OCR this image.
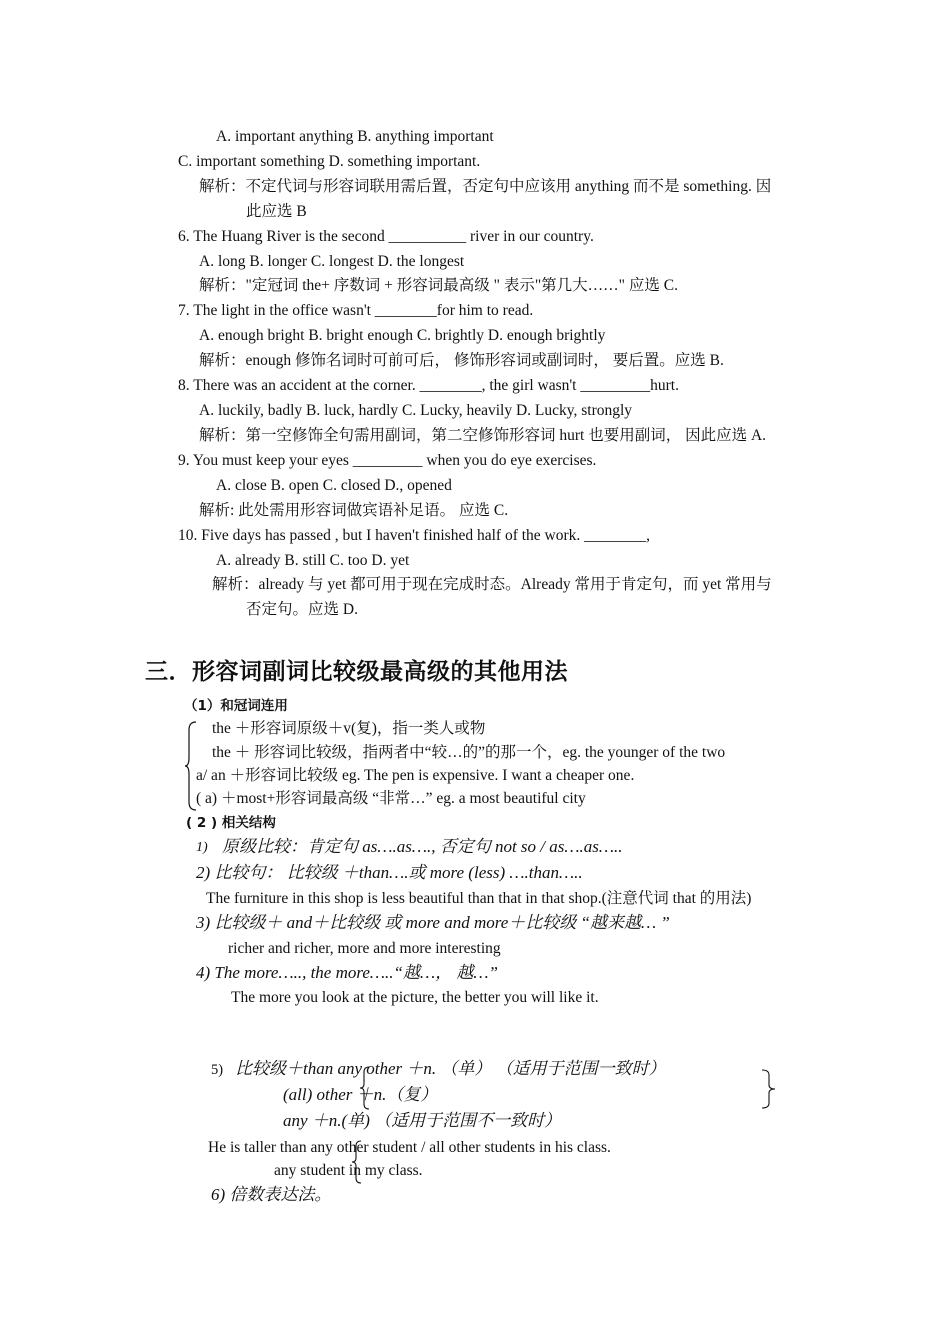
A. important anything B. anything important
C. important something D. something important.
解析：不定代词与形容词联用需后置，否定句中应该用 anything 而不是 something. 因
此应选 B
6. The Huang River is the second __________ river in our country.
A. long B. longer C. longest D. the longest
解析："定冠词 the+ 序数词 + 形容词最高级 " 表示"第几大……" 应选 C.
7. The light in the office wasn't ________for him to read.
A. enough bright B. bright enough C. brightly D. enough brightly
解析：enough 修饰名词时可前可后， 修饰形容词或副词时， 要后置。应选 B.
8. There was an accident at the corner. ________, the girl wasn't _________hurt.
A. luckily, badly B. luck, hardly C. Lucky, heavily D. Lucky, strongly
解析：第一空修饰全句需用副词，第二空修饰形容词 hurt 也要用副词， 因此应选 A.
9. You must keep your eyes _________ when you do eye exercises.
A. close B. open C. closed D., opened
解析: 此处需用形容词做宾语补足语。 应选 C.
10. Five days has passed , but I haven't finished half of the work. ________,
A. already B. still C. too D. yet
解析：already 与 yet 都可用于现在完成时态。Already 常用于肯定句，而 yet 常用与
否定句。应选 D.
三．形容词副词比较级最高级的其他用法
（1）和冠词连用
the ＋形容词原级＋v(复)，指一类人或物
the ＋ 形容词比较级，指两者中“较…的”的那一个，eg. the younger of the two
a/ an ＋形容词比较级 eg. The pen is expensive. I want a cheaper one.
( a) ＋most+形容词最高级 “非常…” eg. a most beautiful city
( 2 ) 相关结构
1) 原级比较：肯定句 as….as…., 否定句 not so / as….as…..
2) 比较句： 比较级 ＋than….或 more (less) ….than…..
The furniture in this shop is less beautiful than that in that shop.(注意代词 that 的用法)
3) 比较级＋ and＋比较级 或 more and more＋比较级 “越来越… ”
richer and richer, more and more interesting
4) The more….., the more…..“越…， 越…”
The more you look at the picture, the better you will like it.
5) 比较级＋than any other ＋n. （单） （适用于范围一致时）
(all) other ＋n.（复）
any ＋n.(单) （适用于范围不一致时）
He is taller than any other student / all other students in his class.
any student in my class.
6) 倍数表达法。
